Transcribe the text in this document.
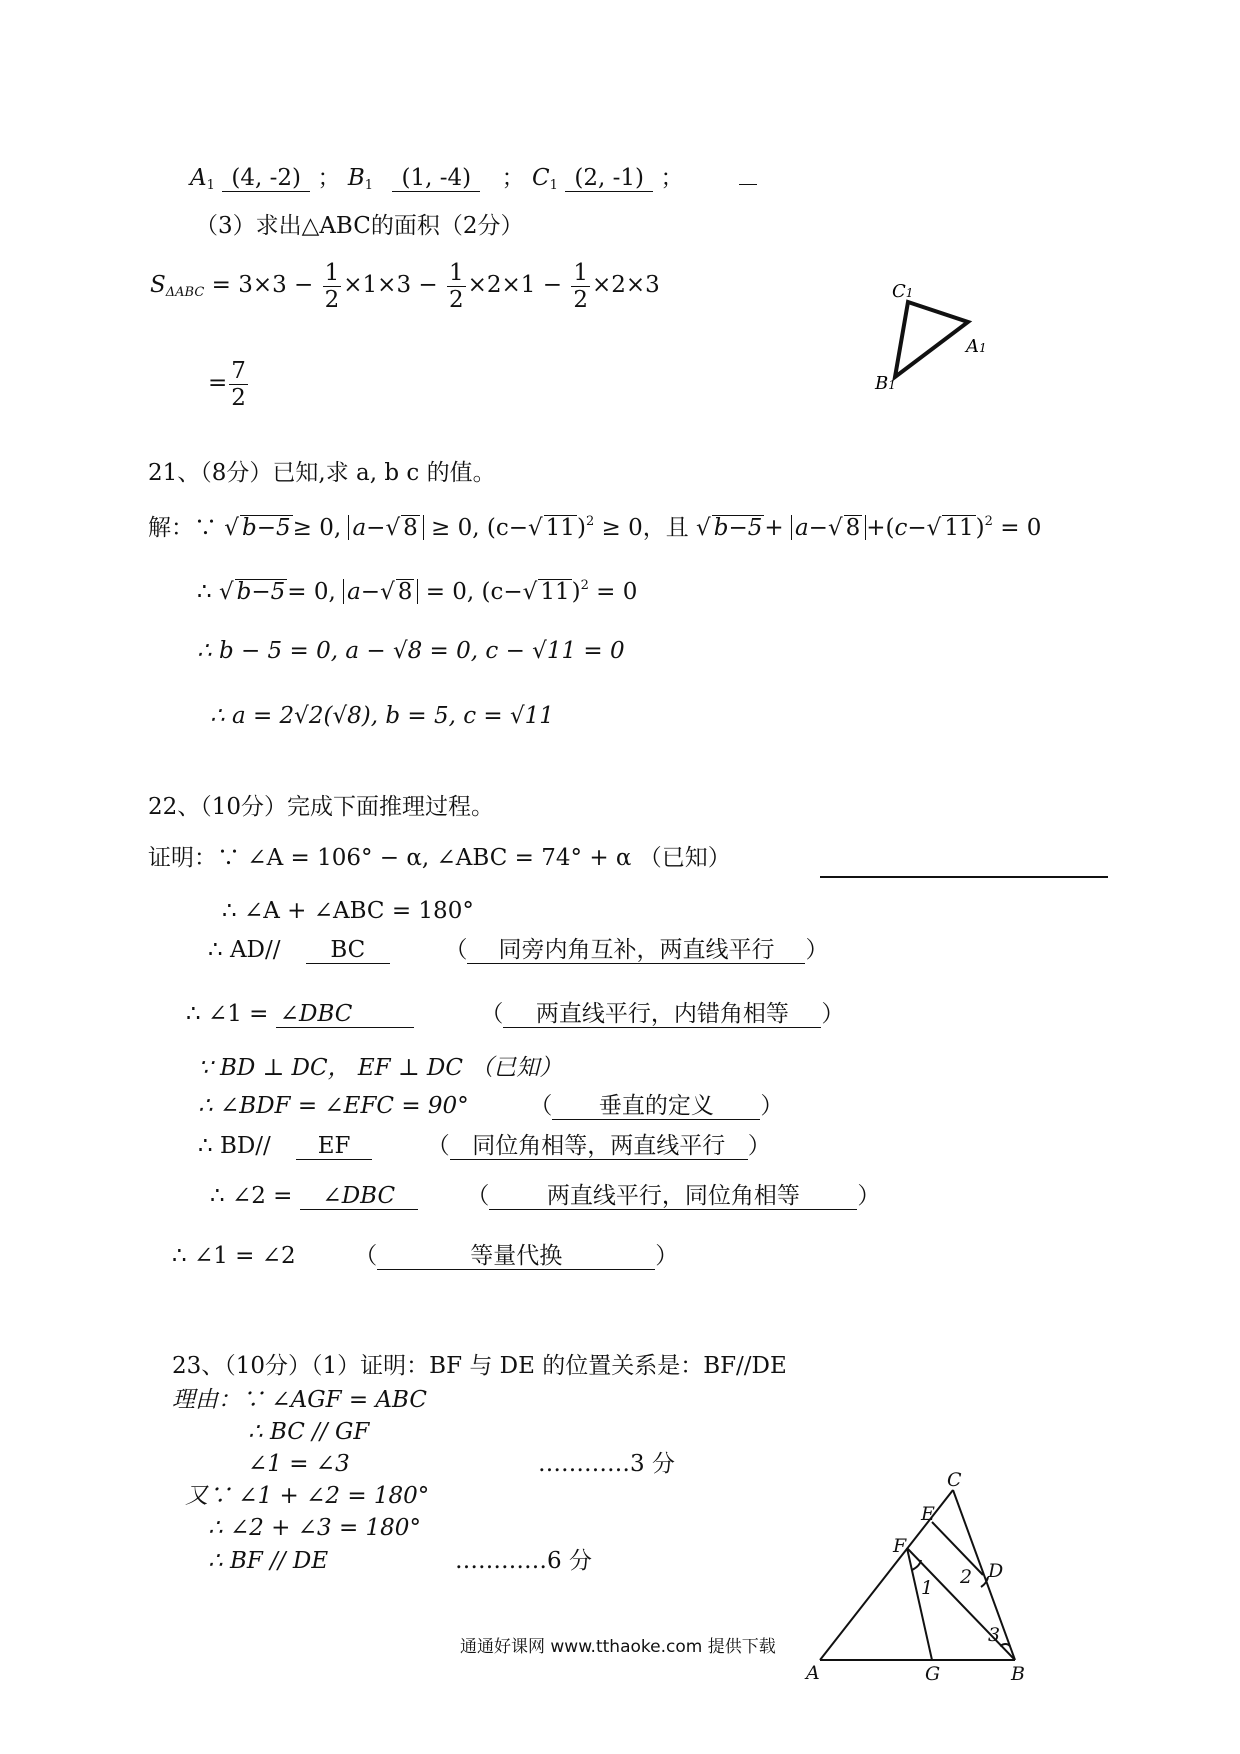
$A_1$ (4, -2) ； $B_1$ (1, -4) ； $C_1$ (2, -1) ；
（3）求出△ABC的面积（2分）
$S_{\Delta ABC} = 3\times 3 - \frac{1}{2} \times 1\times 3 - \frac{1}{2} \times 2\times 1 - \frac{1}{2} \times 2\times 3$
= $\frac{7}{2}$
C1
A1
B1
21、（8分）已知,求 a, b c 的值。
解：∵ √ b−5≥ 0, a−√ 8 ≥ 0, (c−√ 11)$^2$ ≥ 0，且 √ b−5+ a−√ 8 +(c−√ 11)$^2$ = 0
∴ √ b−5= 0, a−√ 8 = 0, (c−√ 11)$^2$ = 0
∴ b − 5 = 0, a − √8 = 0, c − √11 = 0
∴ a = 2√2(√8), b = 5, c = √11
22、（10分）完成下面推理过程。
证明：∵ ∠A = 106° − α, ∠ABC = 74° + α （已知）
∴ ∠A + ∠ABC = 180°
∴ AD// BC	（ 同旁内角互补，两直线平行 ）
∴ ∠1 = ∠DBC	（ 两直线平行，内错角相等 ）
∵ BD ⊥ DC， EF ⊥ DC （已知）
∴ ∠BDF = ∠EFC = 90°	（ 垂直的定义 ）
∴ BD// EF	（ 同位角相等，两直线平行 ）
∴ ∠2 = ∠DBC	（	两直线平行，同位角相等	）
∴ ∠1 = ∠2	（	等量代换	）
23、（10分）（1）证明：BF 与 DE 的位置关系是：BF//DE
理由：∵ ∠AGF = ABC
∴ BC // GF
∠1 = ∠3	…………3 分
又∵ ∠1 + ∠2 = 180°
∴ ∠2 + ∠3 = 180°
∴ BF // DE	…………6 分
C
E
F
D
A	G	B
1 2
3
通通好课网 www.tthaoke.com 提供下载
